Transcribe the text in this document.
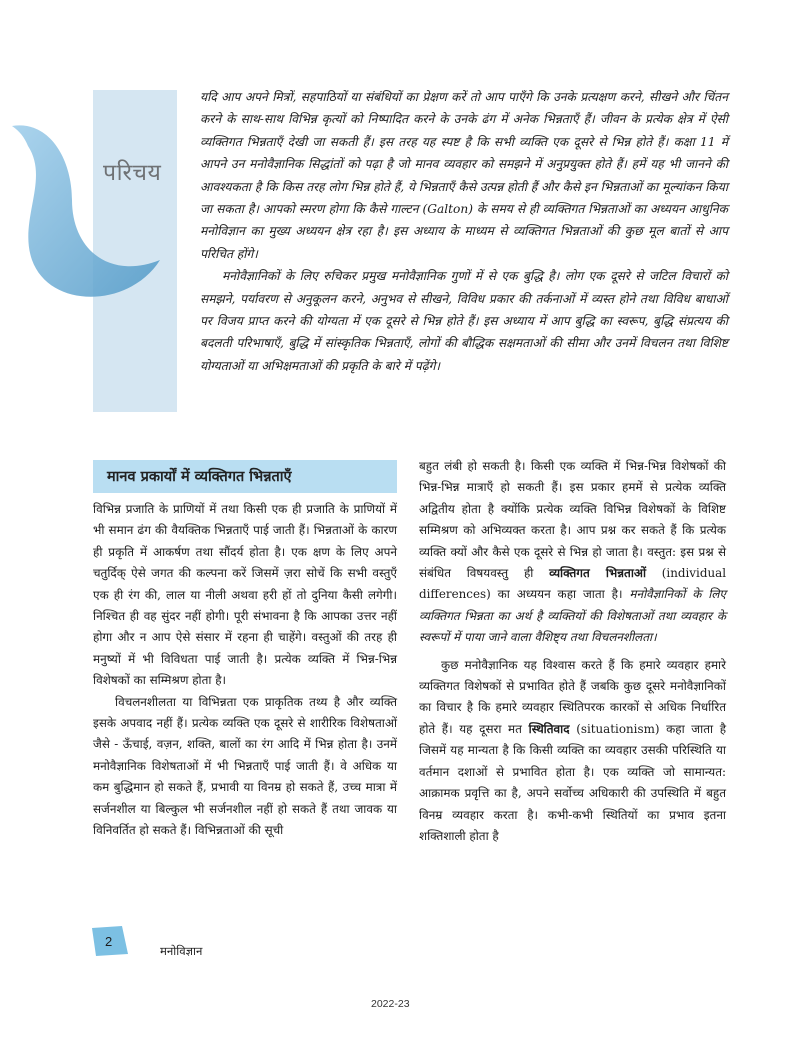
परिचय

यदि आप अपने मित्रों, सहपाठियों या संबंधियों का प्रेक्षण करें तो आप पाएँगे कि उनके प्रत्यक्षण करने, सीखने और चिंतन करने के साथ-साथ विभिन्न कृत्यों को निष्पादित करने के उनके ढंग में अनेक भिन्नताएँ हैं। जीवन के प्रत्येक क्षेत्र में ऐसी व्यक्तिगत भिन्नताएँ देखी जा सकती हैं। इस तरह यह स्पष्ट है कि सभी व्यक्ति एक दूसरे से भिन्न होते हैं। कक्षा 11 में आपने उन मनोवैज्ञानिक सिद्धांतों को पढ़ा है जो मानव व्यवहार को समझने में अनुप्रयुक्त होते हैं। हमें यह भी जानने की आवश्यकता है कि किस तरह लोग भिन्न होते हैं, ये भिन्नताएँ कैसे उत्पन्न होती हैं और कैसे इन भिन्नताओं का मूल्यांकन किया जा सकता है। आपको स्मरण होगा कि कैसे गाल्टन (Galton) के समय से ही व्यक्तिगत भिन्नताओं का अध्ययन आधुनिक मनोविज्ञान का मुख्य अध्ययन क्षेत्र रहा है। इस अध्याय के माध्यम से व्यक्तिगत भिन्नताओं की कुछ मूल बातों से आप परिचित होंगे।

मनोवैज्ञानिकों के लिए रुचिकर प्रमुख मनोवैज्ञानिक गुणों में से एक बुद्धि है। लोग एक दूसरे से जटिल विचारों को समझने, पर्यावरण से अनुकूलन करने, अनुभव से सीखने, विविध प्रकार की तर्कनाओं में व्यस्त होने तथा विविध बाधाओं पर विजय प्राप्त करने की योग्यता में एक दूसरे से भिन्न होते हैं। इस अध्याय में आप बुद्धि का स्वरूप, बुद्धि संप्रत्यय की बदलती परिभाषाएँ, बुद्धि में सांस्कृतिक भिन्नताएँ, लोगों की बौद्धिक सक्षमताओं की सीमा और उनमें विचलन तथा विशिष्ट योग्यताओं या अभिक्षमताओं की प्रकृति के बारे में पढ़ेंगे।

मानव प्रकार्यों में व्यक्तिगत भिन्नताएँ

विभिन्न प्रजाति के प्राणियों में तथा किसी एक ही प्रजाति के प्राणियों में भी समान ढंग की वैयक्तिक भिन्नताएँ पाई जाती हैं। भिन्नताओं के कारण ही प्रकृति में आकर्षण तथा सौंदर्य होता है। एक क्षण के लिए अपने चतुर्दिक् ऐसे जगत की कल्पना करें जिसमें ज़रा सोचें कि सभी वस्तुएँ एक ही रंग की, लाल या नीली अथवा हरी हों तो दुनिया कैसी लगेगी। निश्चित ही वह सुंदर नहीं होगी। पूरी संभावना है कि आपका उत्तर नहीं होगा और न आप ऐसे संसार में रहना ही चाहेंगे। वस्तुओं की तरह ही मनुष्यों में भी विविधता पाई जाती है। प्रत्येक व्यक्ति में भिन्न-भिन्न विशेषकों का सम्मिश्रण होता है।

विचलनशीलता या विभिन्नता एक प्राकृतिक तथ्य है और व्यक्ति इसके अपवाद नहीं हैं। प्रत्येक व्यक्ति एक दूसरे से शारीरिक विशेषताओं जैसे - ऊँचाई, वज़न, शक्ति, बालों का रंग आदि में भिन्न होता है। उनमें मनोवैज्ञानिक विशेषताओं में भी भिन्नताएँ पाई जाती हैं। वे अधिक या कम बुद्धिमान हो सकते हैं, प्रभावी या विनम्र हो सकते हैं, उच्च मात्रा में सर्जनशील या बिल्कुल भी सर्जनशील नहीं हो सकते हैं तथा जावक या विनिवर्तित हो सकते हैं। विभिन्नताओं की सूची

बहुत लंबी हो सकती है। किसी एक व्यक्ति में भिन्न-भिन्न विशेषकों की भिन्न-भिन्न मात्राएँ हो सकती हैं। इस प्रकार हममें से प्रत्येक व्यक्ति अद्वितीय होता है क्योंकि प्रत्येक व्यक्ति विभिन्न विशेषकों के विशिष्ट सम्मिश्रण को अभिव्यक्त करता है। आप प्रश्न कर सकते हैं कि प्रत्येक व्यक्ति क्यों और कैसे एक दूसरे से भिन्न हो जाता है। वस्तुत: इस प्रश्न से संबंधित विषयवस्तु ही व्यक्तिगत भिन्नताओं (individual differences) का अध्ययन कहा जाता है। मनोवैज्ञानिकों के लिए व्यक्तिगत भिन्नता का अर्थ है व्यक्तियों की विशेषताओं तथा व्यवहार के स्वरूपों में पाया जाने वाला वैशिष्ट्य तथा विचलनशीलता।

कुछ मनोवैज्ञानिक यह विश्वास करते हैं कि हमारे व्यवहार हमारे व्यक्तिगत विशेषकों से प्रभावित होते हैं जबकि कुछ दूसरे मनोवैज्ञानिकों का विचार है कि हमारे व्यवहार स्थितिपरक कारकों से अधिक निर्धारित होते हैं। यह दूसरा मत स्थितिवाद (situationism) कहा जाता है जिसमें यह मान्यता है कि किसी व्यक्ति का व्यवहार उसकी परिस्थिति या वर्तमान दशाओं से प्रभावित होता है। एक व्यक्ति जो सामान्यत: आक्रामक प्रवृत्ति का है, अपने सर्वोच्च अधिकारी की उपस्थिति में बहुत विनम्र व्यवहार करता है। कभी-कभी स्थितियों का प्रभाव इतना शक्तिशाली होता है

2
मनोविज्ञान
2022-23
